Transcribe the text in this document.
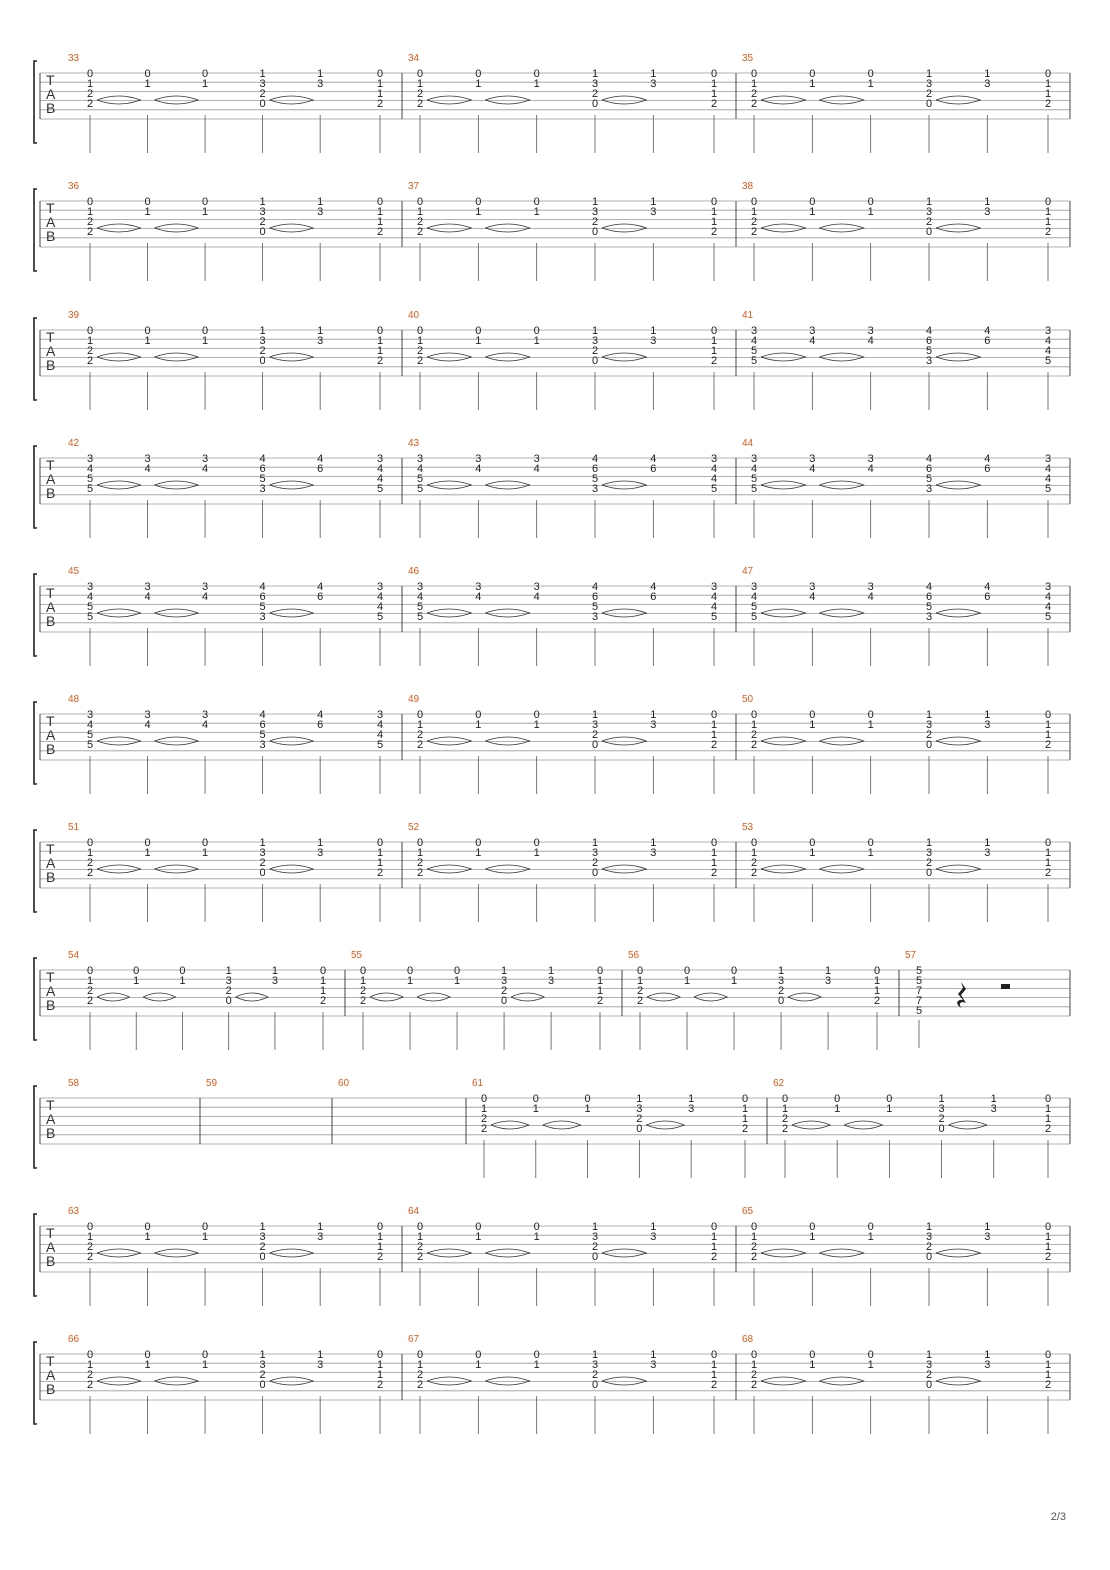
T
A
B
33
0
1
2
2
0
1
0
1
1
3
2
0
1
3
0
1
1
2
34
0
1
2
2
0
1
0
1
1
3
2
0
1
3
0
1
1
2
35
0
1
2
2
0
1
0
1
1
3
2
0
1
3
0
1
1
2
T
A
B
36
0
1
2
2
0
1
0
1
1
3
2
0
1
3
0
1
1
2
37
0
1
2
2
0
1
0
1
1
3
2
0
1
3
0
1
1
2
38
0
1
2
2
0
1
0
1
1
3
2
0
1
3
0
1
1
2
T
A
B
39
0
1
2
2
0
1
0
1
1
3
2
0
1
3
0
1
1
2
40
0
1
2
2
0
1
0
1
1
3
2
0
1
3
0
1
1
2
41
3
4
5
5
3
4
3
4
4
6
5
3
4
6
3
4
4
5
T
A
B
42
3
4
5
5
3
4
3
4
4
6
5
3
4
6
3
4
4
5
43
3
4
5
5
3
4
3
4
4
6
5
3
4
6
3
4
4
5
44
3
4
5
5
3
4
3
4
4
6
5
3
4
6
3
4
4
5
T
A
B
45
3
4
5
5
3
4
3
4
4
6
5
3
4
6
3
4
4
5
46
3
4
5
5
3
4
3
4
4
6
5
3
4
6
3
4
4
5
47
3
4
5
5
3
4
3
4
4
6
5
3
4
6
3
4
4
5
T
A
B
48
3
4
5
5
3
4
3
4
4
6
5
3
4
6
3
4
4
5
49
0
1
2
2
0
1
0
1
1
3
2
0
1
3
0
1
1
2
50
0
1
2
2
0
1
0
1
1
3
2
0
1
3
0
1
1
2
T
A
B
51
0
1
2
2
0
1
0
1
1
3
2
0
1
3
0
1
1
2
52
0
1
2
2
0
1
0
1
1
3
2
0
1
3
0
1
1
2
53
0
1
2
2
0
1
0
1
1
3
2
0
1
3
0
1
1
2
T
A
B
54
0
1
2
2
0
1
0
1
1
3
2
0
1
3
0
1
1
2
55
0
1
2
2
0
1
0
1
1
3
2
0
1
3
0
1
1
2
56
0
1
2
2
0
1
0
1
1
3
2
0
1
3
0
1
1
2
57
5
5
7
7
5
T
A
B
58	59	60	61
0
1
2
2
0
1
0
1
1
3
2
0
1
3
0
1
1
2
62
0
1
2
2
0
1
0
1
1
3
2
0
1
3
0
1
1
2
T
A
B
63
0
1
2
2
0
1
0
1
1
3
2
0
1
3
0
1
1
2
64
0
1
2
2
0
1
0
1
1
3
2
0
1
3
0
1
1
2
65
0
1
2
2
0
1
0
1
1
3
2
0
1
3
0
1
1
2
T
A
B
66
0
1
2
2
0
1
0
1
1
3
2
0
1
3
0
1
1
2
67
0
1
2
2
0
1
0
1
1
3
2
0
1
3
0
1
1
2
68
0
1
2
2
0
1
0
1
1
3
2
0
1
3
0
1
1
2
2/3
